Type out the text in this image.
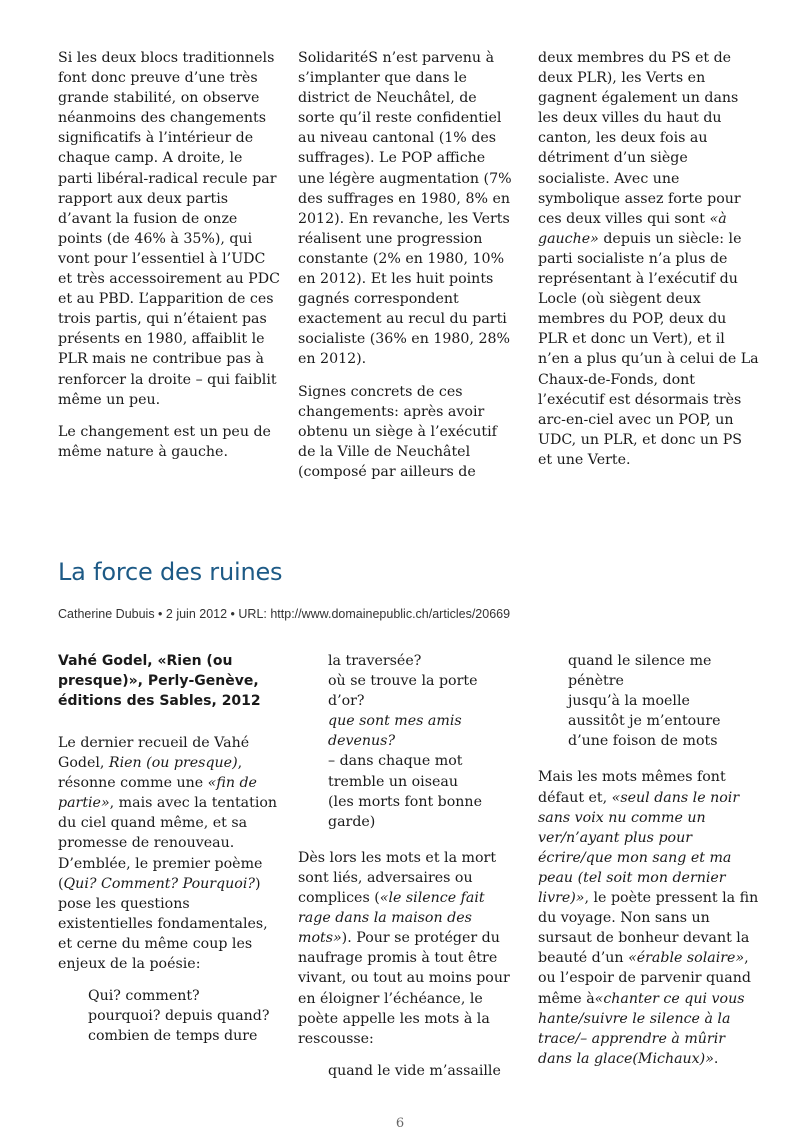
Si les deux blocs traditionnels font donc preuve d’une très grande stabilité, on observe néanmoins des changements significatifs à l’intérieur de chaque camp. A droite, le parti libéral-radical recule par rapport aux deux partis d’avant la fusion de onze points (de 46% à 35%), qui vont pour l’essentiel à l’UDC et très accessoirement au PDC et au PBD. L’apparition de ces trois partis, qui n’étaient pas présents en 1980, affaiblit le PLR mais ne contribue pas à renforcer la droite – qui faiblit même un peu.

Le changement est un peu de même nature à gauche.

SolidaritéS n’est parvenu à s’implanter que dans le district de Neuchâtel, de sorte qu’il reste confidentiel au niveau cantonal (1% des suffrages). Le POP affiche une légère augmentation (7% des suffrages en 1980, 8% en 2012). En revanche, les Verts réalisent une progression constante (2% en 1980, 10% en 2012). Et les huit points gagnés correspondent exactement au recul du parti socialiste (36% en 1980, 28% en 2012).

Signes concrets de ces changements: après avoir obtenu un siège à l’exécutif de la Ville de Neuchâtel (composé par ailleurs de

deux membres du PS et de deux PLR), les Verts en gagnent également un dans les deux villes du haut du canton, les deux fois au détriment d’un siège socialiste. Avec une symbolique assez forte pour ces deux villes qui sont «à gauche» depuis un siècle: le parti socialiste n’a plus de représentant à l’exécutif du Locle (où siègent deux membres du POP, deux du PLR et donc un Vert), et il n’en a plus qu’un à celui de La Chaux-de-Fonds, dont l’exécutif est désormais très arc-en-ciel avec un POP, un UDC, un PLR, et donc un PS et une Verte.

La force des ruines
Catherine Dubuis • 2 juin 2012 • URL: http://www.domainepublic.ch/articles/20669
Vahé Godel, «Rien (ou presque)», Perly-Genève, éditions des Sables, 2012

Le dernier recueil de Vahé Godel, Rien (ou presque), résonne comme une «fin de partie», mais avec la tentation du ciel quand même, et sa promesse de renouveau. D’emblée, le premier poème (Qui? Comment? Pourquoi?) pose les questions existentielles fondamentales, et cerne du même coup les enjeux de la poésie:

Qui? comment?
pourquoi? depuis quand?
combien de temps dure
la traversée?
où se trouve la porte
d’or?
que sont mes amis
devenus?
– dans chaque mot
tremble un oiseau
(les morts font bonne
garde)

Dès lors les mots et la mort sont liés, adversaires ou complices («le silence fait rage dans la maison des mots»). Pour se protéger du naufrage promis à tout être vivant, ou tout au moins pour en éloigner l’échéance, le poète appelle les mots à la rescousse:

quand le vide m’assaille
quand le silence me
pénètre
jusqu’à la moelle
aussitôt je m’entoure
d’une foison de mots

Mais les mots mêmes font défaut et, «seul dans le noir sans voix nu comme un ver/n’ayant plus pour écrire/que mon sang et ma peau (tel soit mon dernier livre)», le poète pressent la fin du voyage. Non sans un sursaut de bonheur devant la beauté d’un «érable solaire», ou l’espoir de parvenir quand même à«chanter ce qui vous hante/suivre le silence à la trace/– apprendre à mûrir dans la glace(Michaux)».

6
